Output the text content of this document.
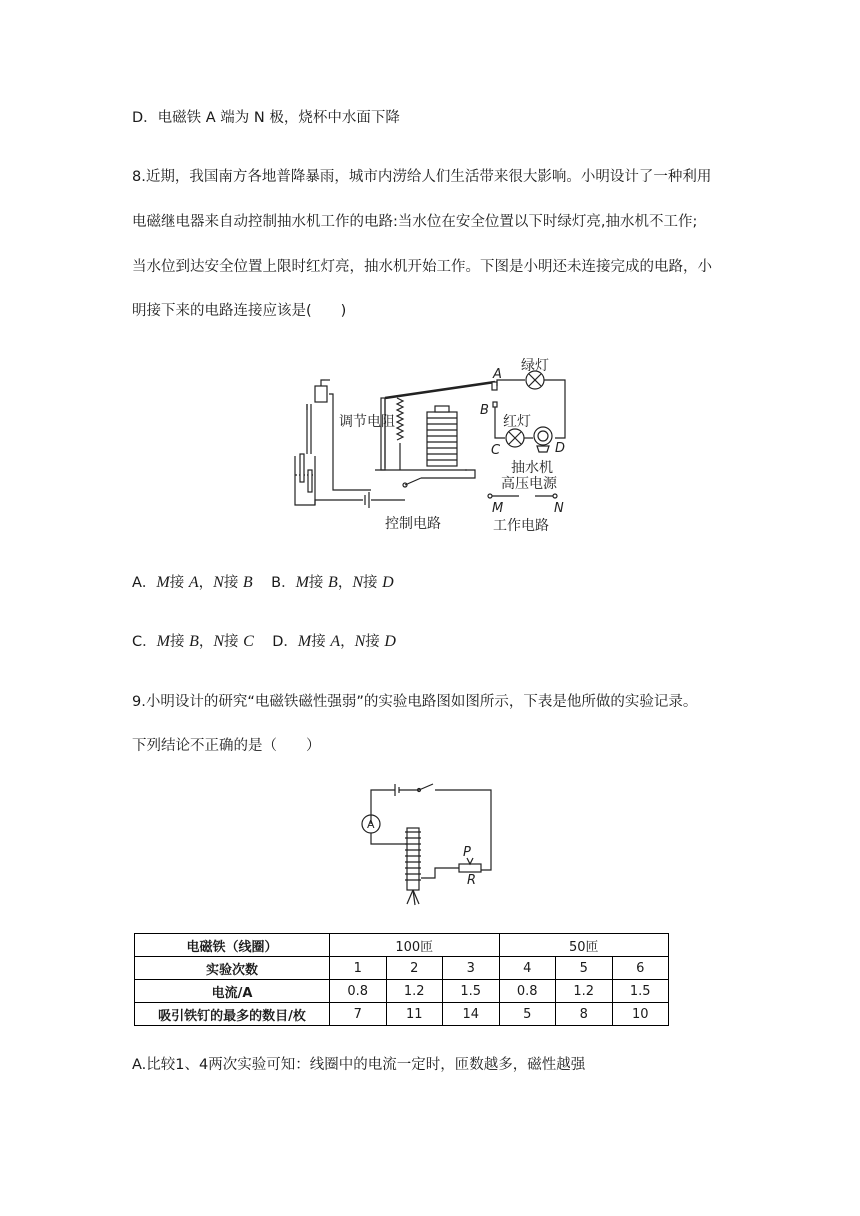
D．电磁铁 A 端为 N 极，烧杯中水面下降
8.近期，我国南方各地普降暴雨，城市内涝给人们生活带来很大影响。小明设计了一种利用
电磁继电器来自动控制抽水机工作的电路:当水位在安全位置以下时绿灯亮,抽水机不工作;
当水位到达安全位置上限时红灯亮，抽水机开始工作。下图是小明还未连接完成的电路，小
明接下来的电路连接应该是(　　)
调节电阻
控制电路
绿灯
红灯
抽水机
高压电源
工作电路
A
B
C	D
M	N
A．M接 A，N接 B B．M接 B，N接 D
C．M接 B，N接 C D．M接 A，N接 D
9.小明设计的研究“电磁铁磁性强弱”的实验电路图如图所示，下表是他所做的实验记录。
下列结论不正确的是（　　）
A
P
R
电磁铁（线圈）	100匝			50匝		
实验次数	1	2	3	4	5	6
电流/A	0.8	1.2	1.5	0.8	1.2	1.5
吸引铁钉的最多的数目/枚	7	11	14	5	8	10
A.比较1、4两次实验可知：线圈中的电流一定时，匝数越多，磁性越强
